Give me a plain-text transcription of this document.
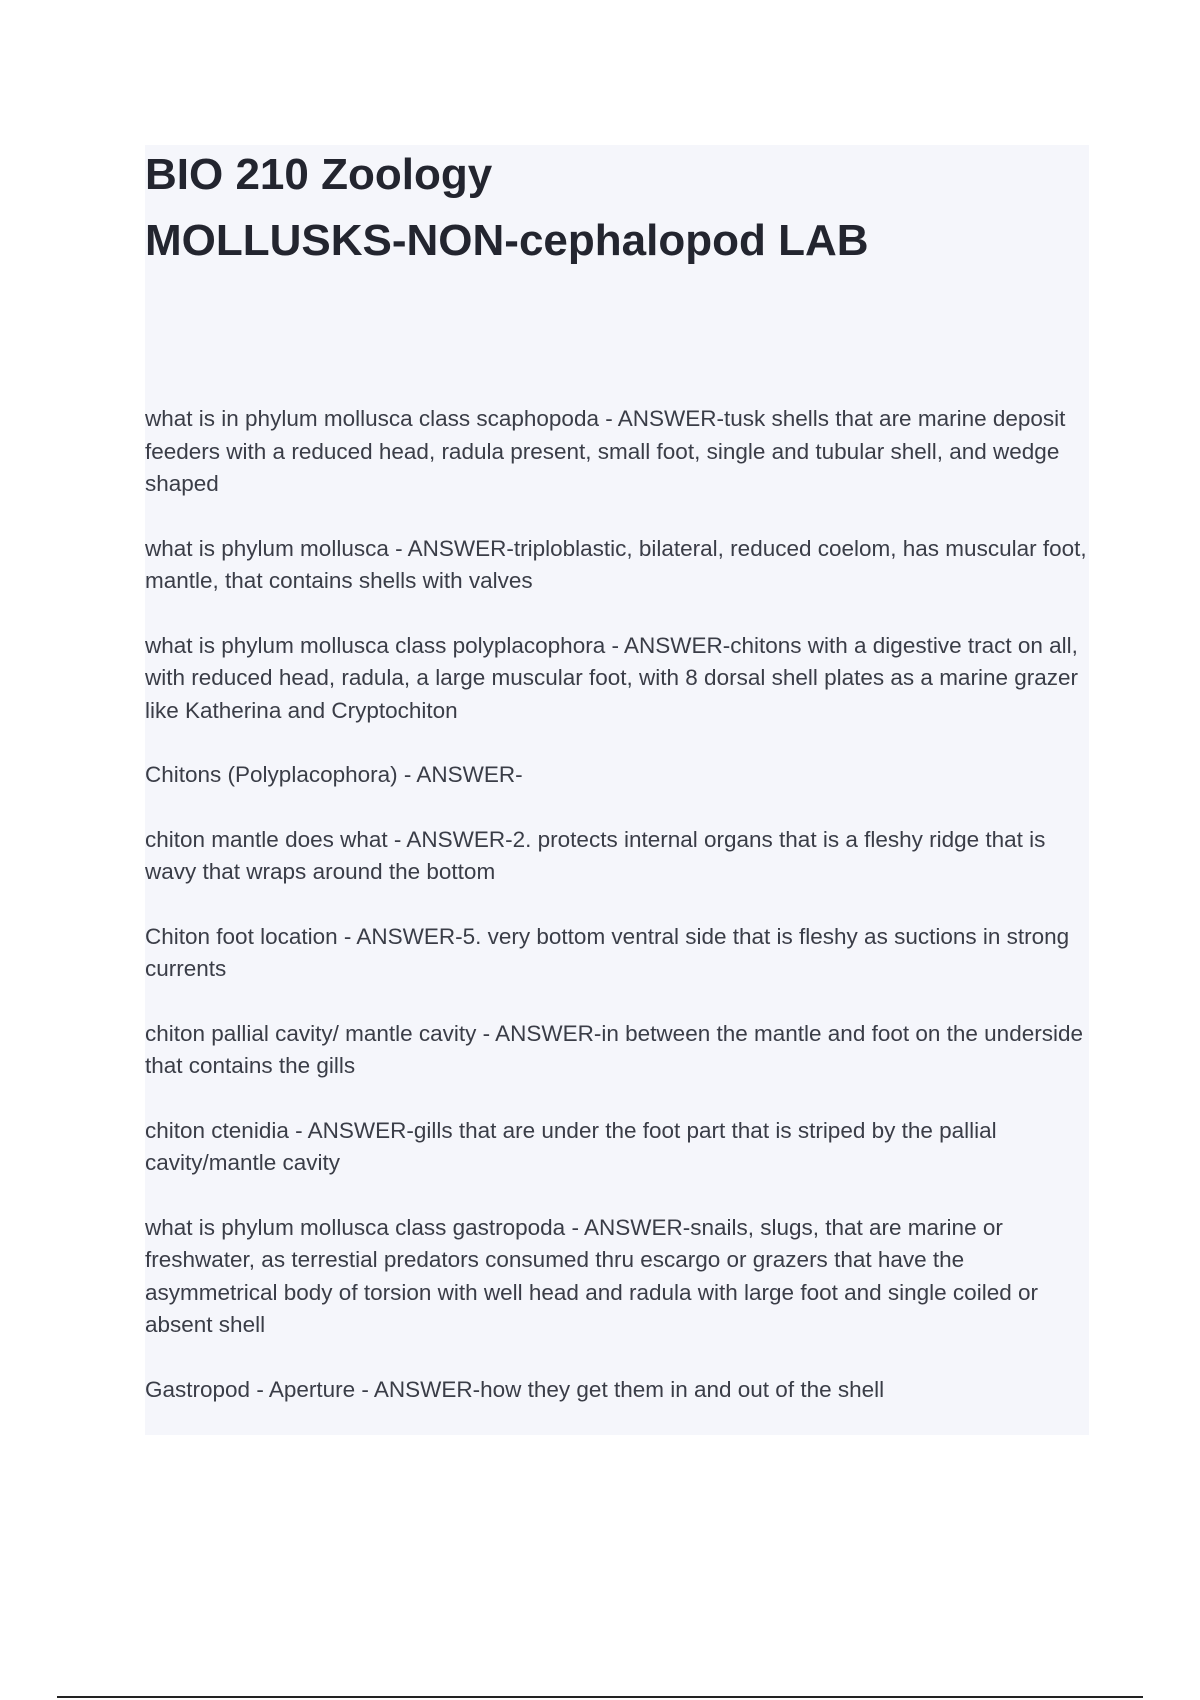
BIO 210 Zoology
MOLLUSKS-NON-cephalopod LAB
what is in phylum mollusca class scaphopoda - ANSWER-tusk shells that are marine deposit feeders with a reduced head, radula present, small foot, single and tubular shell, and wedge shaped
what is phylum mollusca - ANSWER-triploblastic, bilateral, reduced coelom, has muscular foot, mantle, that contains shells with valves
what is phylum mollusca class polyplacophora - ANSWER-chitons with a digestive tract on all, with reduced head, radula, a large muscular foot, with 8 dorsal shell plates as a marine grazer like Katherina and Cryptochiton
Chitons (Polyplacophora) - ANSWER-
chiton mantle does what - ANSWER-2. protects internal organs that is a fleshy ridge that is wavy that wraps around the bottom
Chiton foot location - ANSWER-5. very bottom ventral side that is fleshy as suctions in strong currents
chiton pallial cavity/ mantle cavity - ANSWER-in between the mantle and foot on the underside that contains the gills
chiton ctenidia - ANSWER-gills that are under the foot part that is striped by the pallial cavity/mantle cavity
what is phylum mollusca class gastropoda - ANSWER-snails, slugs, that are marine or freshwater, as terrestial predators consumed thru escargo or grazers that have the asymmetrical body of torsion with well head and radula with large foot and single coiled or absent shell
Gastropod - Aperture - ANSWER-how they get them in and out of the shell
